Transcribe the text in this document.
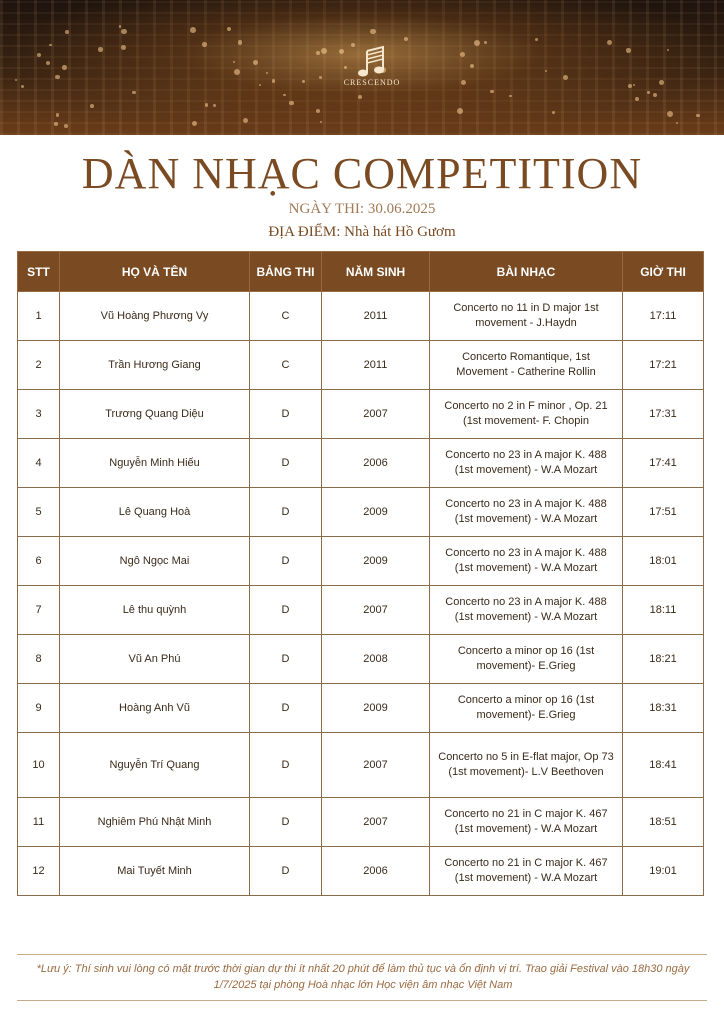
CRESCENDO
DÀN NHẠC COMPETITION
NGÀY THI: 30.06.2025
ĐỊA ĐIỂM: Nhà hát Hồ Gươm
STT	HỌ VÀ TÊN	BẢNG THI	NĂM SINH	BÀI NHẠC	GIỜ THI
1	Vũ Hoàng Phương Vy	C	2011	Concerto no 11 in D major 1st movement - J.Haydn	17:11
2	Trần Hương Giang	C	2011	Concerto Romantique, 1st Movement - Catherine Rollin	17:21
3	Trương Quang Diệu	D	2007	Concerto no 2 in F minor , Op. 21 (1st movement- F. Chopin	17:31
4	Nguyễn Minh Hiếu	D	2006	Concerto no 23 in A major K. 488 (1st movement) - W.A Mozart	17:41
5	Lê Quang Hoà	D	2009	Concerto no 23 in A major K. 488 (1st movement) - W.A Mozart	17:51
6	Ngô Ngọc Mai	D	2009	Concerto no 23 in A major K. 488 (1st movement) - W.A Mozart	18:01
7	Lê thu quỳnh	D	2007	Concerto no 23 in A major K. 488 (1st movement) - W.A Mozart	18:11
8	Vũ An Phú	D	2008	Concerto a minor op 16 (1st movement)- E.Grieg	18:21
9	Hoàng Anh Vũ	D	2009	Concerto a minor op 16 (1st movement)- E.Grieg	18:31
10	Nguyễn Trí Quang	D	2007	Concerto no 5 in E-flat major, Op 73 (1st movement)- L.V Beethoven	18:41
11	Nghiêm Phú Nhật Minh	D	2007	Concerto no 21 in C major K. 467 (1st movement) - W.A Mozart	18:51
12	Mai Tuyết Minh	D	2006	Concerto no 21 in C major K. 467 (1st movement) - W.A Mozart	19:01
*Lưu ý: Thí sinh vui lòng có mặt trước thời gian dự thi ít nhất 20 phút để làm thủ tục và ổn định vị trí. Trao giải Festival vào 18h30 ngày 1/7/2025 tại phòng Hoà nhạc lớn Học viện âm nhạc Việt Nam
